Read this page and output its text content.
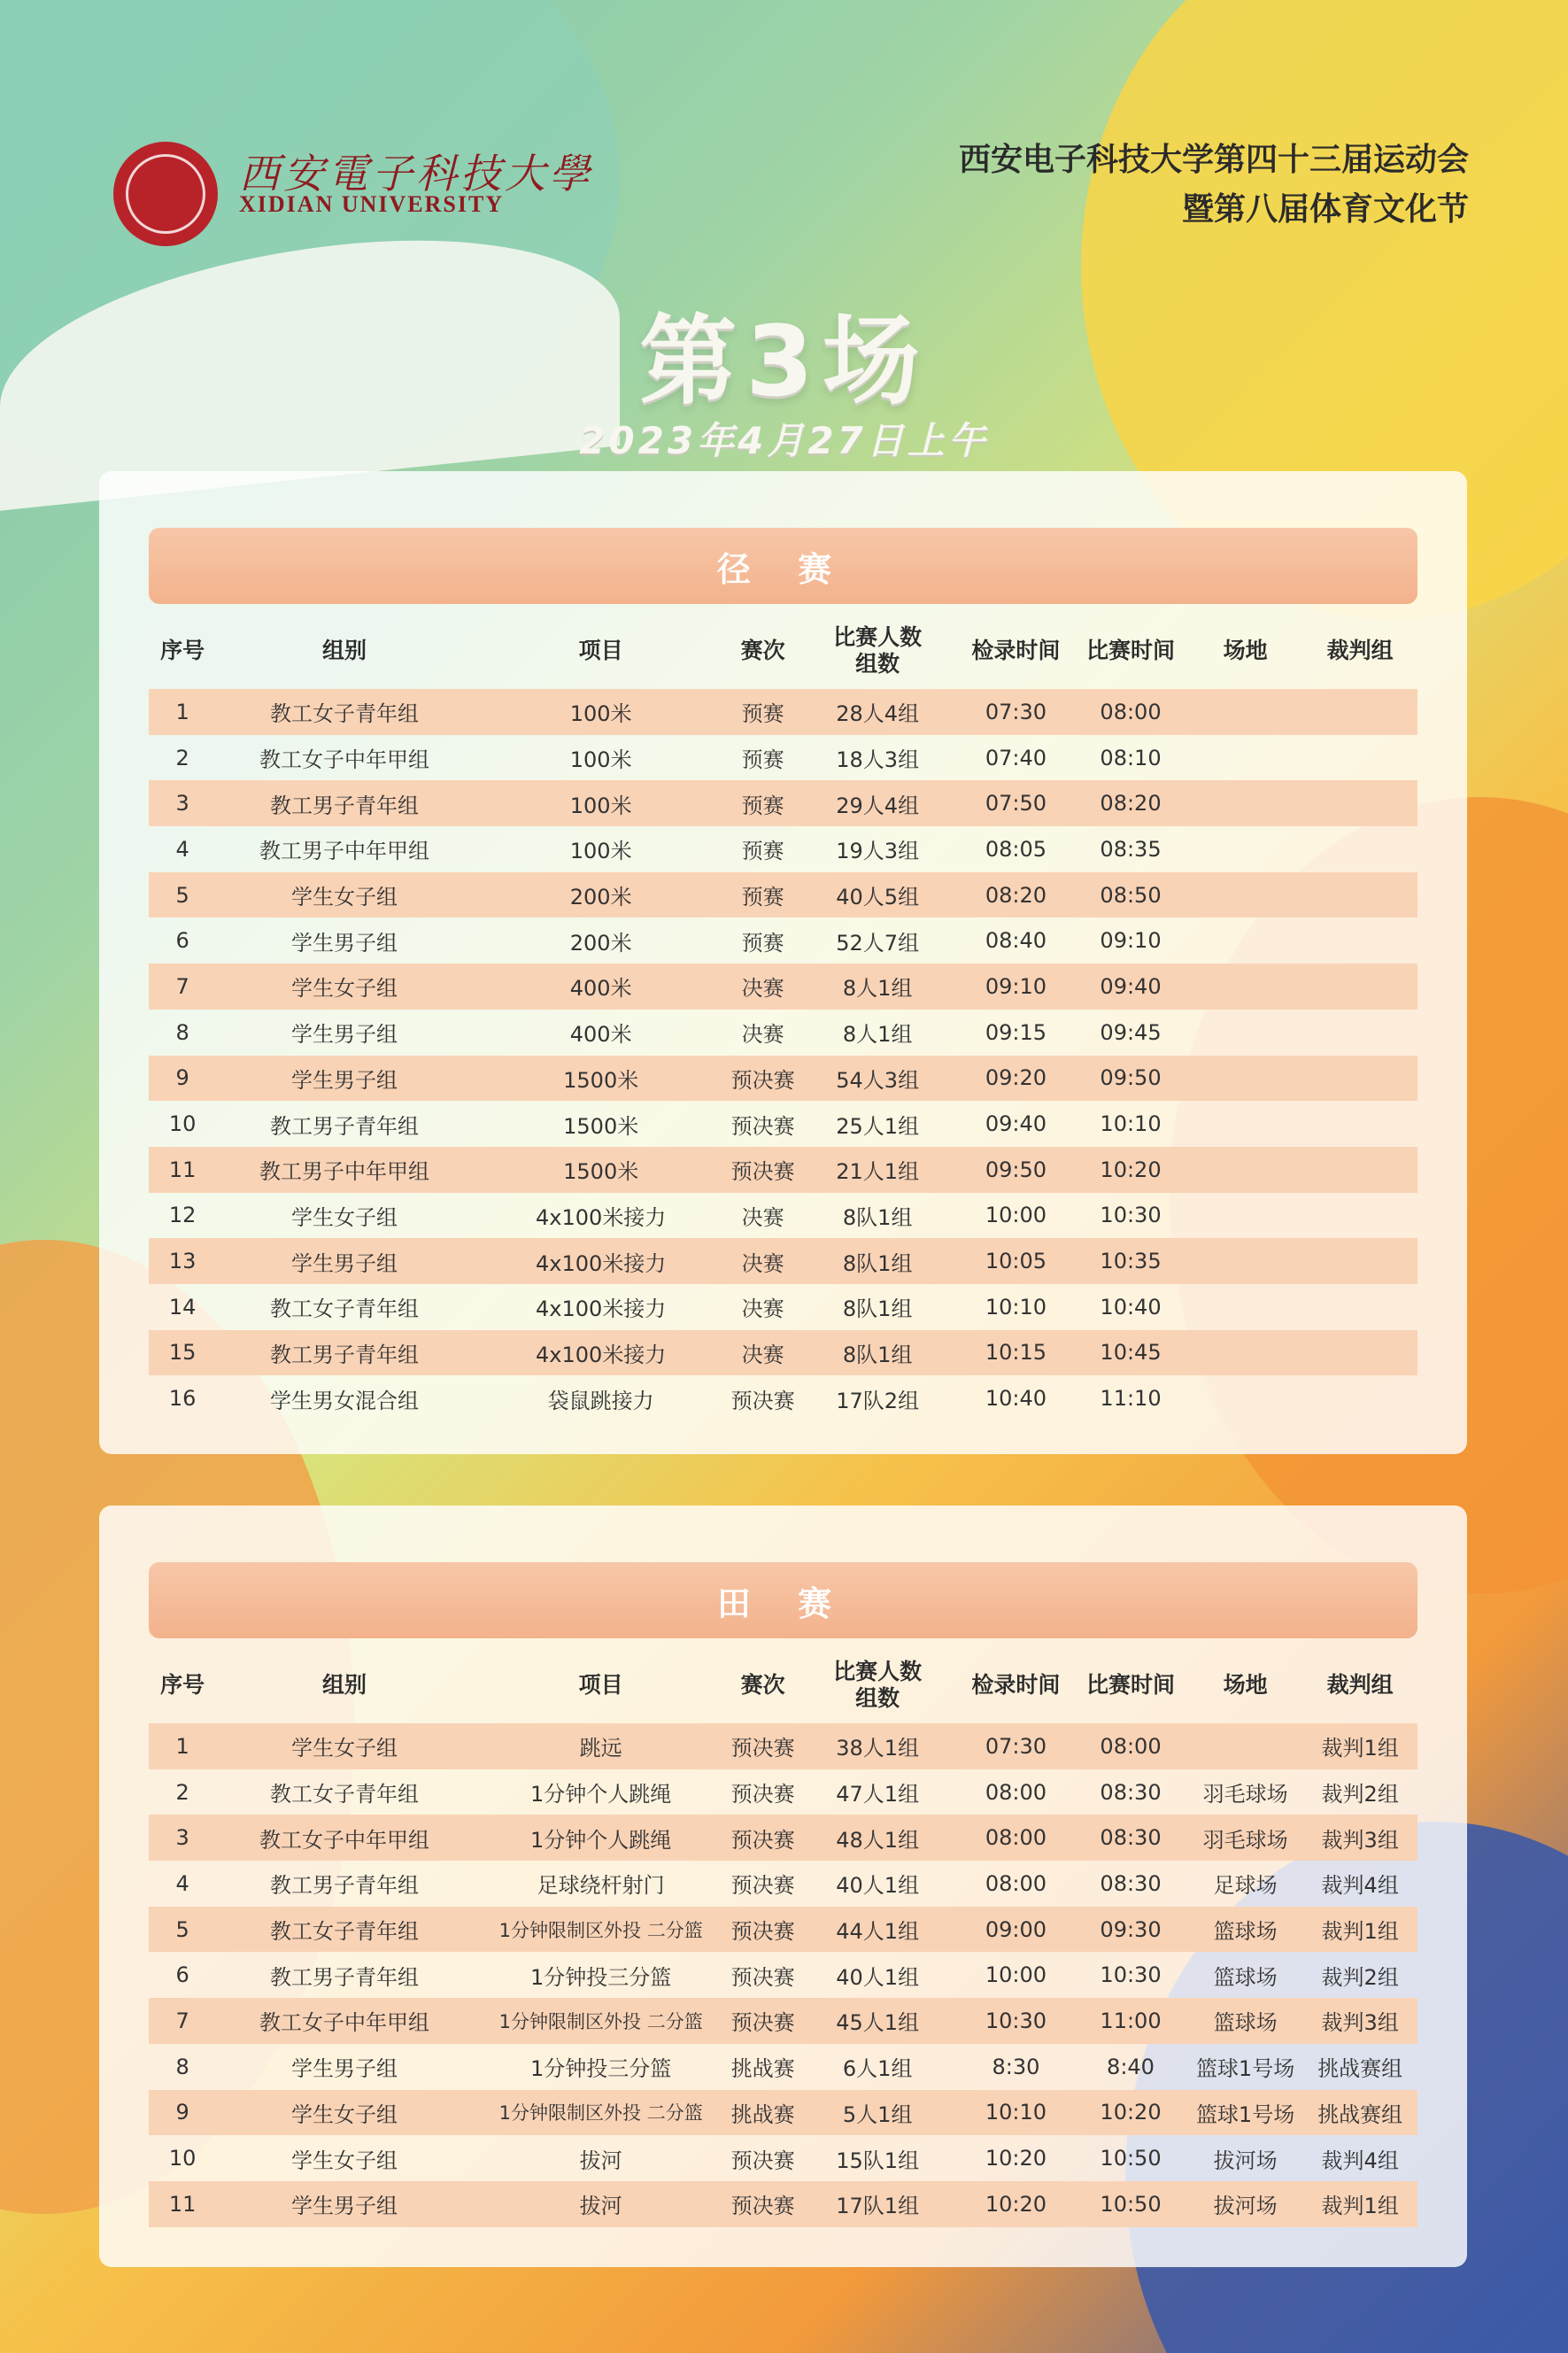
西安電子科技大學
XIDIAN UNIVERSITY
西安电子科技大学第四十三届运动会
暨第八届体育文化节
第3场
2023年4月27日上午
径 赛
序号	组别	项目	赛次	比赛人数
组数	检录时间	比赛时间	场地	裁判组
1	教工女子青年组	100米	预赛	28人4组	07:30	08:00		
2	教工女子中年甲组	100米	预赛	18人3组	07:40	08:10		
3	教工男子青年组	100米	预赛	29人4组	07:50	08:20		
4	教工男子中年甲组	100米	预赛	19人3组	08:05	08:35		
5	学生女子组	200米	预赛	40人5组	08:20	08:50		
6	学生男子组	200米	预赛	52人7组	08:40	09:10		
7	学生女子组	400米	决赛	8人1组	09:10	09:40		
8	学生男子组	400米	决赛	8人1组	09:15	09:45		
9	学生男子组	1500米	预决赛	54人3组	09:20	09:50		
10	教工男子青年组	1500米	预决赛	25人1组	09:40	10:10		
11	教工男子中年甲组	1500米	预决赛	21人1组	09:50	10:20		
12	学生女子组	4x100米接力	决赛	8队1组	10:00	10:30		
13	学生男子组	4x100米接力	决赛	8队1组	10:05	10:35		
14	教工女子青年组	4x100米接力	决赛	8队1组	10:10	10:40		
15	教工男子青年组	4x100米接力	决赛	8队1组	10:15	10:45		
16	学生男女混合组	袋鼠跳接力	预决赛	17队2组	10:40	11:10		
田 赛
序号	组别	项目	赛次	比赛人数
组数	检录时间	比赛时间	场地	裁判组
1	学生女子组	跳远	预决赛	38人1组	07:30	08:00		裁判1组
2	教工女子青年组	1分钟个人跳绳	预决赛	47人1组	08:00	08:30	羽毛球场	裁判2组
3	教工女子中年甲组	1分钟个人跳绳	预决赛	48人1组	08:00	08:30	羽毛球场	裁判3组
4	教工男子青年组	足球绕杆射门	预决赛	40人1组	08:00	08:30	足球场	裁判4组
5	教工女子青年组	1分钟限制区外投 二分篮	预决赛	44人1组	09:00	09:30	篮球场	裁判1组
6	教工男子青年组	1分钟投三分篮	预决赛	40人1组	10:00	10:30	篮球场	裁判2组
7	教工女子中年甲组	1分钟限制区外投 二分篮	预决赛	45人1组	10:30	11:00	篮球场	裁判3组
8	学生男子组	1分钟投三分篮	挑战赛	6人1组	8:30	8:40	篮球1号场	挑战赛组
9	学生女子组	1分钟限制区外投 二分篮	挑战赛	5人1组	10:10	10:20	篮球1号场	挑战赛组
10	学生女子组	拔河	预决赛	15队1组	10:20	10:50	拔河场	裁判4组
11	学生男子组	拔河	预决赛	17队1组	10:20	10:50	拔河场	裁判1组
